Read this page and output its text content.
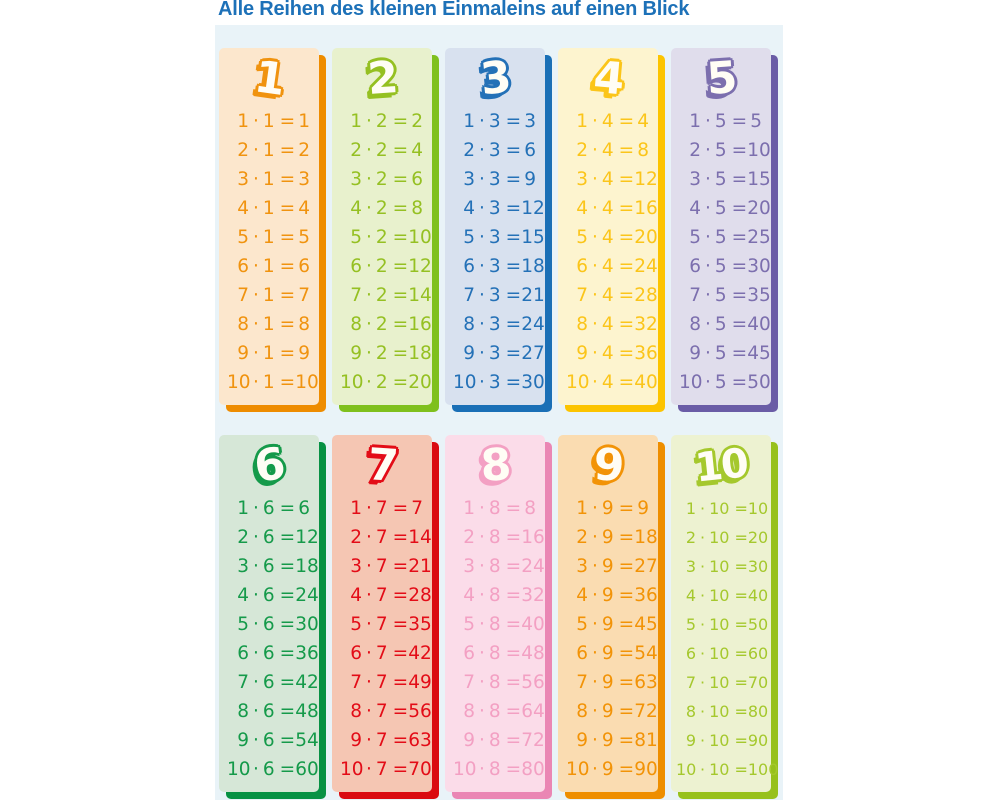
Alle Reihen des kleinen Einmaleins auf einen Blick
1
1 · 1 = 1
2 · 1 = 2
3 · 1 = 3
4 · 1 = 4
5 · 1 = 5
6 · 1 = 6
7 · 1 = 7
8 · 1 = 8
9 · 1 = 9
10 · 1 = 10
2
1 · 2 = 2
2 · 2 = 4
3 · 2 = 6
4 · 2 = 8
5 · 2 = 10
6 · 2 = 12
7 · 2 = 14
8 · 2 = 16
9 · 2 = 18
10 · 2 = 20
3
1 · 3 = 3
2 · 3 = 6
3 · 3 = 9
4 · 3 = 12
5 · 3 = 15
6 · 3 = 18
7 · 3 = 21
8 · 3 = 24
9 · 3 = 27
10 · 3 = 30
4
1 · 4 = 4
2 · 4 = 8
3 · 4 = 12
4 · 4 = 16
5 · 4 = 20
6 · 4 = 24
7 · 4 = 28
8 · 4 = 32
9 · 4 = 36
10 · 4 = 40
5
1 · 5 = 5
2 · 5 = 10
3 · 5 = 15
4 · 5 = 20
5 · 5 = 25
6 · 5 = 30
7 · 5 = 35
8 · 5 = 40
9 · 5 = 45
10 · 5 = 50
6
1 · 6 = 6
2 · 6 = 12
3 · 6 = 18
4 · 6 = 24
5 · 6 = 30
6 · 6 = 36
7 · 6 = 42
8 · 6 = 48
9 · 6 = 54
10 · 6 = 60
7
1 · 7 = 7
2 · 7 = 14
3 · 7 = 21
4 · 7 = 28
5 · 7 = 35
6 · 7 = 42
7 · 7 = 49
8 · 7 = 56
9 · 7 = 63
10 · 7 = 70
8
1 · 8 = 8
2 · 8 = 16
3 · 8 = 24
4 · 8 = 32
5 · 8 = 40
6 · 8 = 48
7 · 8 = 56
8 · 8 = 64
9 · 8 = 72
10 · 8 = 80
9
1 · 9 = 9
2 · 9 = 18
3 · 9 = 27
4 · 9 = 36
5 · 9 = 45
6 · 9 = 54
7 · 9 = 63
8 · 9 = 72
9 · 9 = 81
10 · 9 = 90
10
1 · 10 = 10
2 · 10 = 20
3 · 10 = 30
4 · 10 = 40
5 · 10 = 50
6 · 10 = 60
7 · 10 = 70
8 · 10 = 80
9 · 10 = 90
10 · 10 = 100
